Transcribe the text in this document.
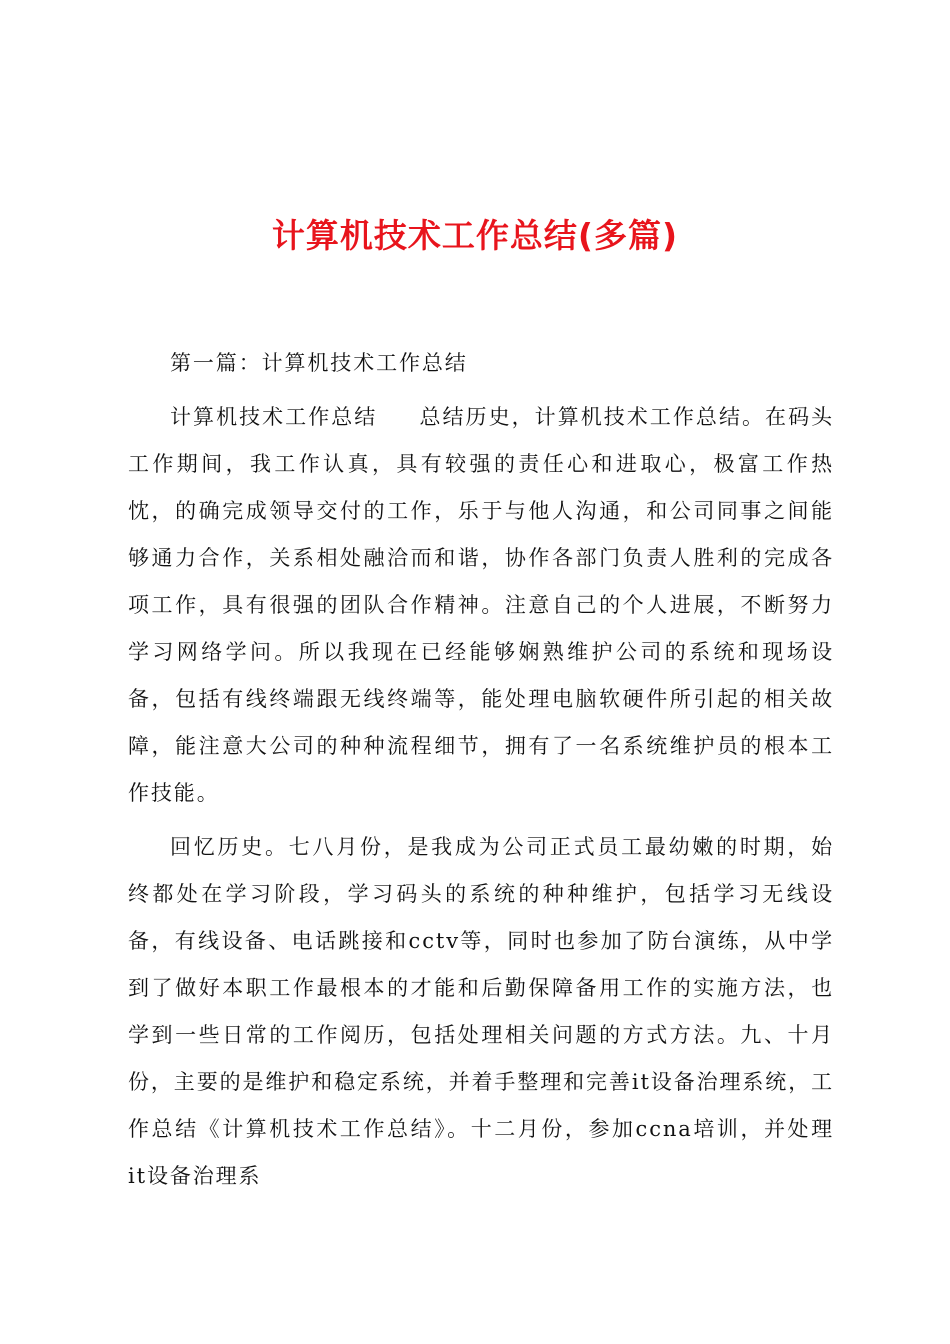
计算机技术工作总结(多篇)

第一篇：计算机技术工作总结

计算机技术工作总结 总结历史，计算机技术工作总结。在码头工作期间，我工作认真，具有较强的责任心和进取心，极富工作热忱，的确完成领导交付的工作，乐于与他人沟通，和公司同事之间能够通力合作，关系相处融洽而和谐，协作各部门负责人胜利的完成各项工作，具有很强的团队合作精神。注意自己的个人进展，不断努力学习网络学问。所以我现在已经能够娴熟维护公司的系统和现场设备，包括有线终端跟无线终端等，能处理电脑软硬件所引起的相关故障，能注意大公司的种种流程细节，拥有了一名系统维护员的根本工作技能。

回忆历史。七八月份，是我成为公司正式员工最幼嫩的时期，始终都处在学习阶段，学习码头的系统的种种维护，包括学习无线设备，有线设备、电话跳接和cctv等，同时也参加了防台演练，从中学到了做好本职工作最根本的才能和后勤保障备用工作的实施方法，也学到一些日常的工作阅历，包括处理相关问题的方式方法。九、十月份，主要的是维护和稳定系统，并着手整理和完善it设备治理系统，工作总结《计算机技术工作总结》。十二月份，参加ccna培训，并处理it设备治理系
